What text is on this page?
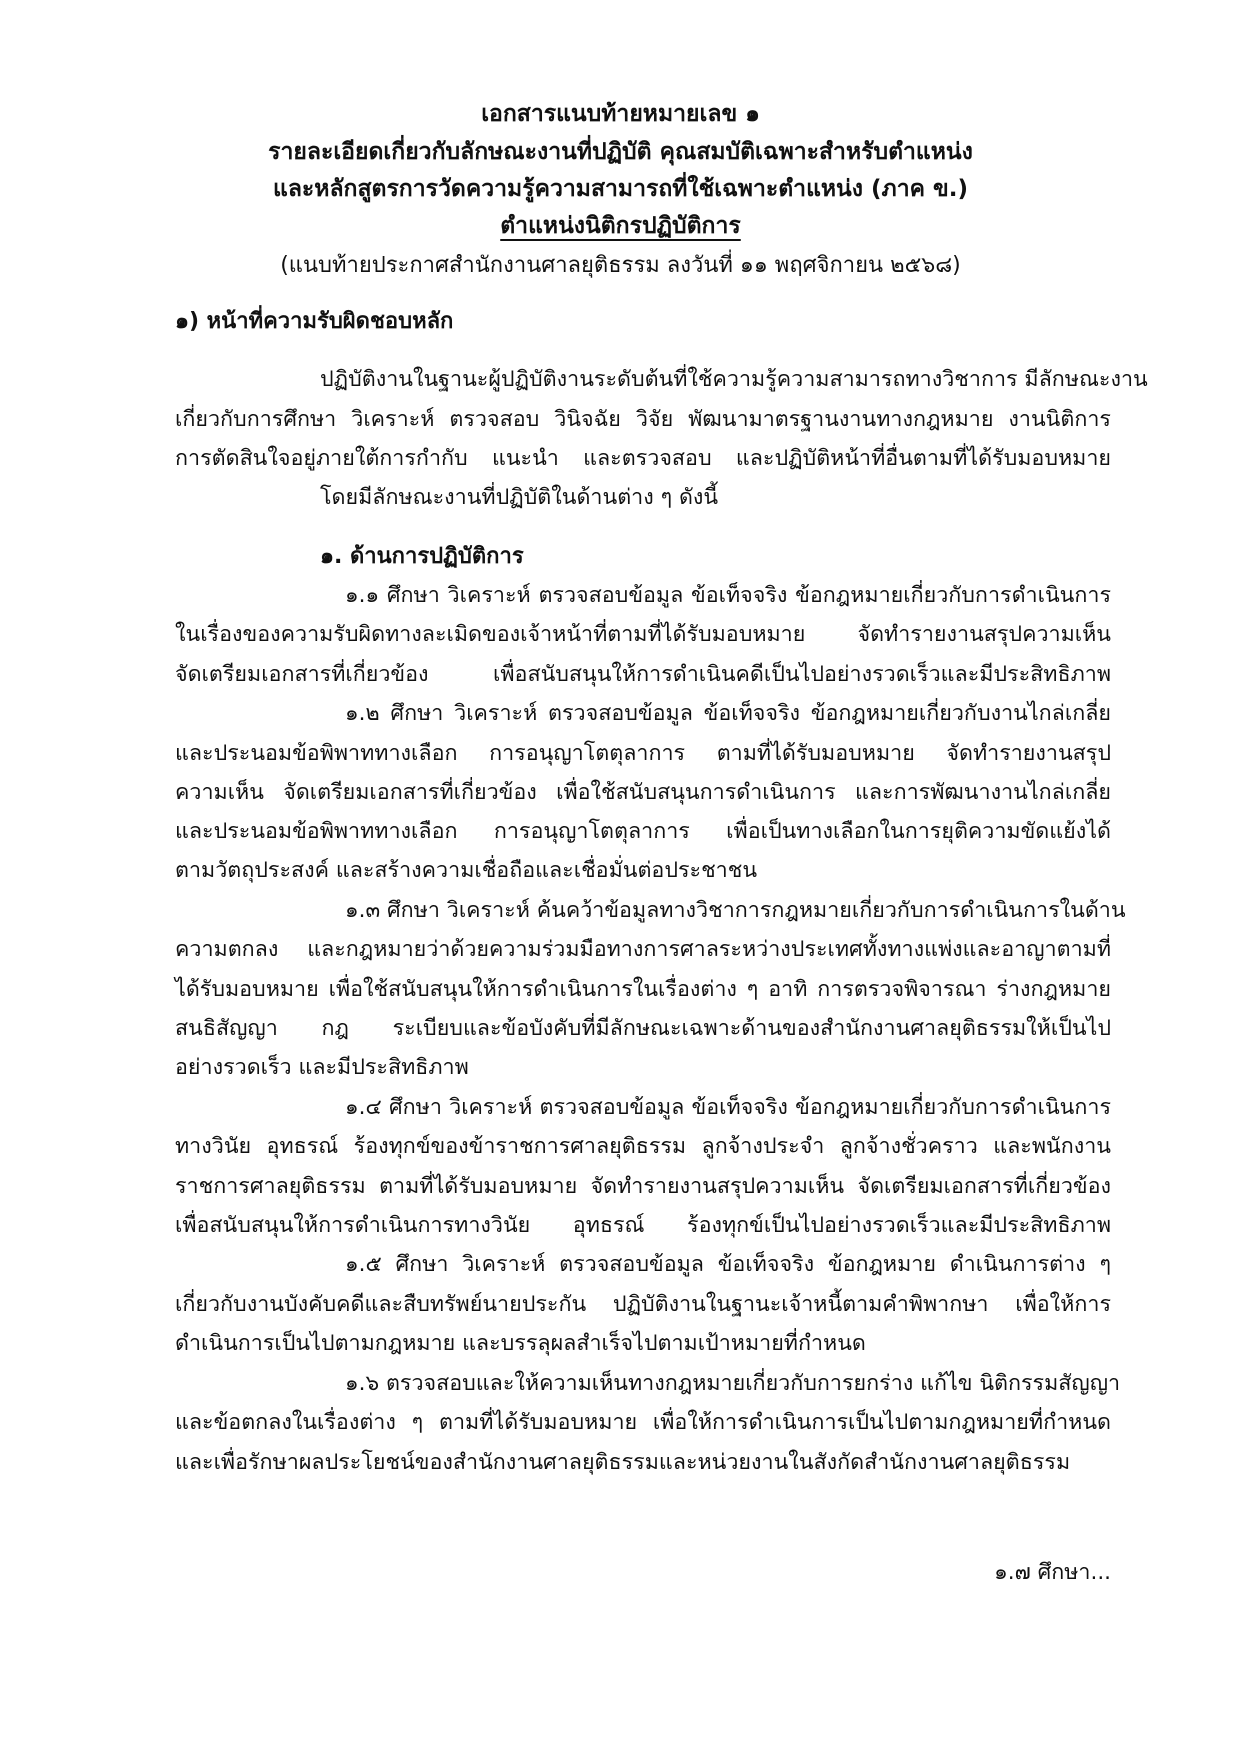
เอกสารแนบท้ายหมายเลข ๑
รายละเอียดเกี่ยวกับลักษณะงานที่ปฏิบัติ คุณสมบัติเฉพาะสำหรับตำแหน่ง
และหลักสูตรการวัดความรู้ความสามารถที่ใช้เฉพาะตำแหน่ง (ภาค ข.)
ตำแหน่งนิติกรปฏิบัติการ
(แนบท้ายประกาศสำนักงานศาลยุติธรรม ลงวันที่ ๑๑ พฤศจิกายน ๒๕๖๘)
๑) หน้าที่ความรับผิดชอบหลัก
ปฏิบัติงานในฐานะผู้ปฏิบัติงานระดับต้นที่ใช้ความรู้ความสามารถทางวิชาการ มีลักษณะงาน
เกี่ยวกับการศึกษา วิเคราะห์ ตรวจสอบ วินิจฉัย วิจัย พัฒนามาตรฐานงานทางกฎหมาย งานนิติการ
การตัดสินใจอยู่ภายใต้การกำกับ แนะนำ และตรวจสอบ และปฏิบัติหน้าที่อื่นตามที่ได้รับมอบหมาย
โดยมีลักษณะงานที่ปฏิบัติในด้านต่าง ๆ ดังนี้
๑. ด้านการปฏิบัติการ
๑.๑ ศึกษา วิเคราะห์ ตรวจสอบข้อมูล ข้อเท็จจริง ข้อกฎหมายเกี่ยวกับการดำเนินการ
ในเรื่องของความรับผิดทางละเมิดของเจ้าหน้าที่ตามที่ได้รับมอบหมาย จัดทำรายงานสรุปความเห็น
จัดเตรียมเอกสารที่เกี่ยวข้อง เพื่อสนับสนุนให้การดำเนินคดีเป็นไปอย่างรวดเร็วและมีประสิทธิภาพ
๑.๒ ศึกษา วิเคราะห์ ตรวจสอบข้อมูล ข้อเท็จจริง ข้อกฎหมายเกี่ยวกับงานไกล่เกลี่ย
และประนอมข้อพิพาททางเลือก การอนุญาโตตุลาการ ตามที่ได้รับมอบหมาย จัดทำรายงานสรุป
ความเห็น จัดเตรียมเอกสารที่เกี่ยวข้อง เพื่อใช้สนับสนุนการดำเนินการ และการพัฒนางานไกล่เกลี่ย
และประนอมข้อพิพาททางเลือก การอนุญาโตตุลาการ เพื่อเป็นทางเลือกในการยุติความขัดแย้งได้
ตามวัตถุประสงค์ และสร้างความเชื่อถือและเชื่อมั่นต่อประชาชน
๑.๓ ศึกษา วิเคราะห์ ค้นคว้าข้อมูลทางวิชาการกฎหมายเกี่ยวกับการดำเนินการในด้าน
ความตกลง และกฎหมายว่าด้วยความร่วมมือทางการศาลระหว่างประเทศทั้งทางแพ่งและอาญาตามที่
ได้รับมอบหมาย เพื่อใช้สนับสนุนให้การดำเนินการในเรื่องต่าง ๆ อาทิ การตรวจพิจารณา ร่างกฎหมาย
สนธิสัญญา กฎ ระเบียบและข้อบังคับที่มีลักษณะเฉพาะด้านของสำนักงานศาลยุติธรรมให้เป็นไป
อย่างรวดเร็ว และมีประสิทธิภาพ
๑.๔ ศึกษา วิเคราะห์ ตรวจสอบข้อมูล ข้อเท็จจริง ข้อกฎหมายเกี่ยวกับการดำเนินการ
ทางวินัย อุทธรณ์ ร้องทุกข์ของข้าราชการศาลยุติธรรม ลูกจ้างประจำ ลูกจ้างชั่วคราว และพนักงาน
ราชการศาลยุติธรรม ตามที่ได้รับมอบหมาย จัดทำรายงานสรุปความเห็น จัดเตรียมเอกสารที่เกี่ยวข้อง
เพื่อสนับสนุนให้การดำเนินการทางวินัย อุทธรณ์ ร้องทุกข์เป็นไปอย่างรวดเร็วและมีประสิทธิภาพ
๑.๕ ศึกษา วิเคราะห์ ตรวจสอบข้อมูล ข้อเท็จจริง ข้อกฎหมาย ดำเนินการต่าง ๆ
เกี่ยวกับงานบังคับคดีและสืบทรัพย์นายประกัน ปฏิบัติงานในฐานะเจ้าหนี้ตามคำพิพากษา เพื่อให้การ
ดำเนินการเป็นไปตามกฎหมาย และบรรลุผลสำเร็จไปตามเป้าหมายที่กำหนด
๑.๖ ตรวจสอบและให้ความเห็นทางกฎหมายเกี่ยวกับการยกร่าง แก้ไข นิติกรรมสัญญา
และข้อตกลงในเรื่องต่าง ๆ ตามที่ได้รับมอบหมาย เพื่อให้การดำเนินการเป็นไปตามกฎหมายที่กำหนด
และเพื่อรักษาผลประโยชน์ของสำนักงานศาลยุติธรรมและหน่วยงานในสังกัดสำนักงานศาลยุติธรรม
๑.๗ ศึกษา...
